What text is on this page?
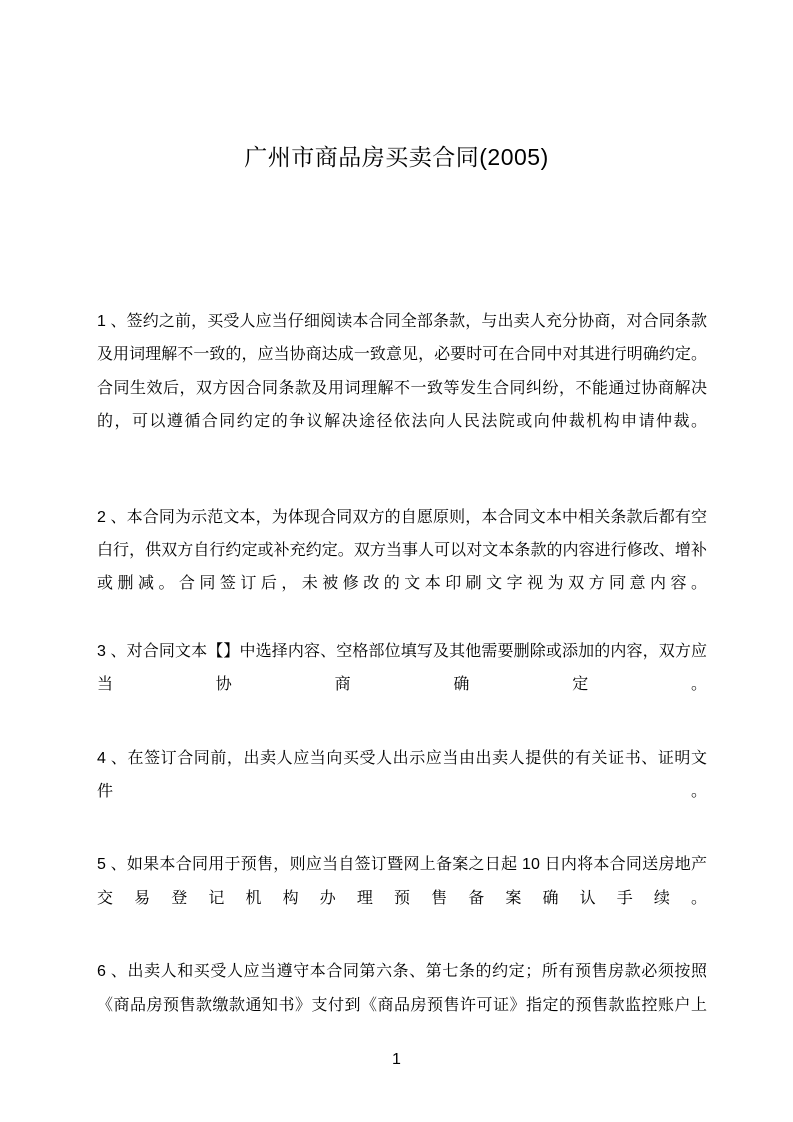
广州市商品房买卖合同(2005)

1 、签约之前，买受人应当仔细阅读本合同全部条款，与出卖人充分协商，对合同条款及用词理解不一致的，应当协商达成一致意见，必要时可在合同中对其进行明确约定。合同生效后，双方因合同条款及用词理解不一致等发生合同纠纷，不能通过协商解决的，可以遵循合同约定的争议解决途径依法向人民法院或向仲裁机构申请仲裁。

2 、本合同为示范文本，为体现合同双方的自愿原则，本合同文本中相关条款后都有空白行，供双方自行约定或补充约定。双方当事人可以对文本条款的内容进行修改、增补或删减。合同签订后，未被修改的文本印刷文字视为双方同意内容。

3 、对合同文本【】中选择内容、空格部位填写及其他需要删除或添加的内容，双方应当协商确定。

4 、在签订合同前，出卖人应当向买受人出示应当由出卖人提供的有关证书、证明文件。

5 、如果本合同用于预售，则应当自签订暨网上备案之日起 10 日内将本合同送房地产交易登记机构办理预售备案确认手续。

6 、出卖人和买受人应当遵守本合同第六条、第七条的约定；所有预售房款必须按照《商品房预售款缴款通知书》支付到《商品房预售许可证》指定的预售款监控账户上

1
